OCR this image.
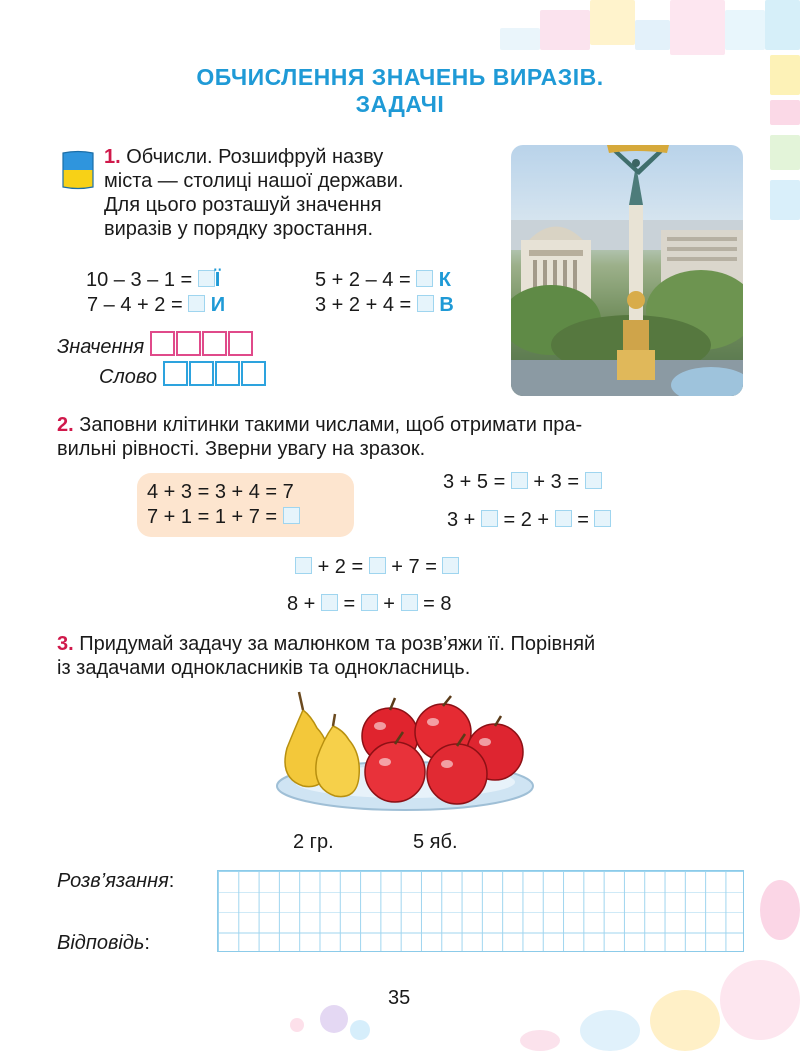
ОБЧИСЛЕННЯ ЗНАЧЕНЬ ВИРАЗІВ.
ЗАДАЧІ
1. Обчисли. Розшифруй назву
міста — столиці нашої держави.
Для цього розташуй значення
виразів у порядку зростання.
10 – 3 – 1 = Ї	5 + 2 – 4 = К
7 – 4 + 2 = И	3 + 2 + 4 = В
Значення
Слово
2. Заповни клітинки такими числами, щоб отримати пра-
вильні рівності. Зверни увагу на зразок.
4 + 3 = 3 + 4 = 7
7 + 1 = 1 + 7 =
3 + 5 = + 3 =
3 + = 2 + =
+ 2 = + 7 =
8 + = + = 8
3. Придумай задачу за малюнком та розв’яжи її. Порівняй
із задачами однокласників та однокласниць.
2 гр.	5 яб.
Розв’язання:
Відповідь:
35
